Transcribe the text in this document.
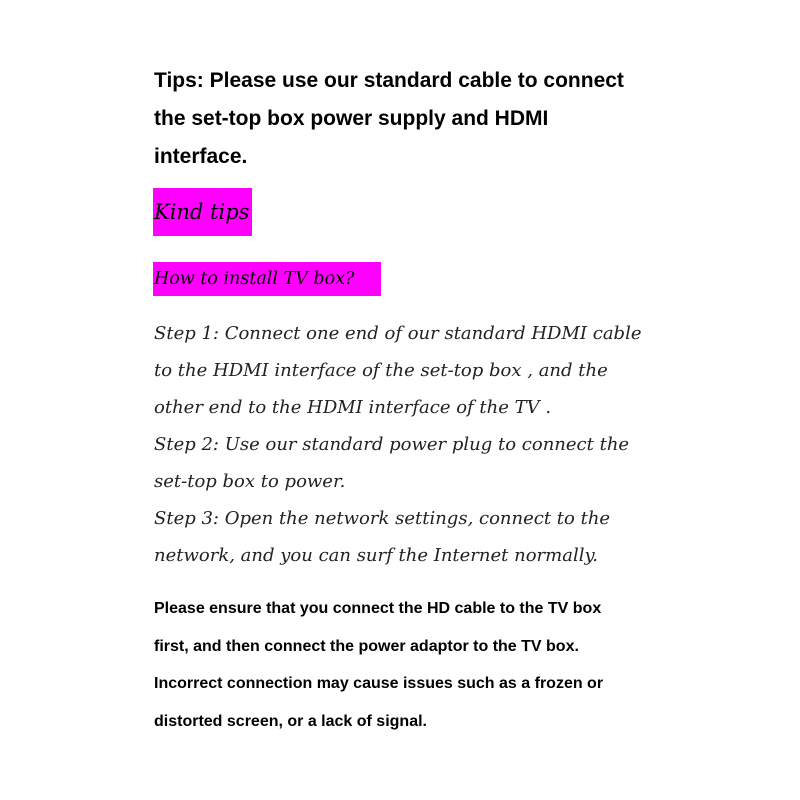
Tips: Please use our standard cable to connect
the set-top box power supply and HDMI
interface.
Kind tips
How to install TV box?
Step 1: Connect one end of our standard HDMI cable
to the HDMI interface of the set-top box , and the
other end to the HDMI interface of the TV .
Step 2: Use our standard power plug to connect the
set-top box to power.
Step 3: Open the network settings, connect to the
network, and you can surf the Internet normally.
Please ensure that you connect the HD cable to the TV box
first, and then connect the power adaptor to the TV box.
Incorrect connection may cause issues such as a frozen or
distorted screen, or a lack of signal.
